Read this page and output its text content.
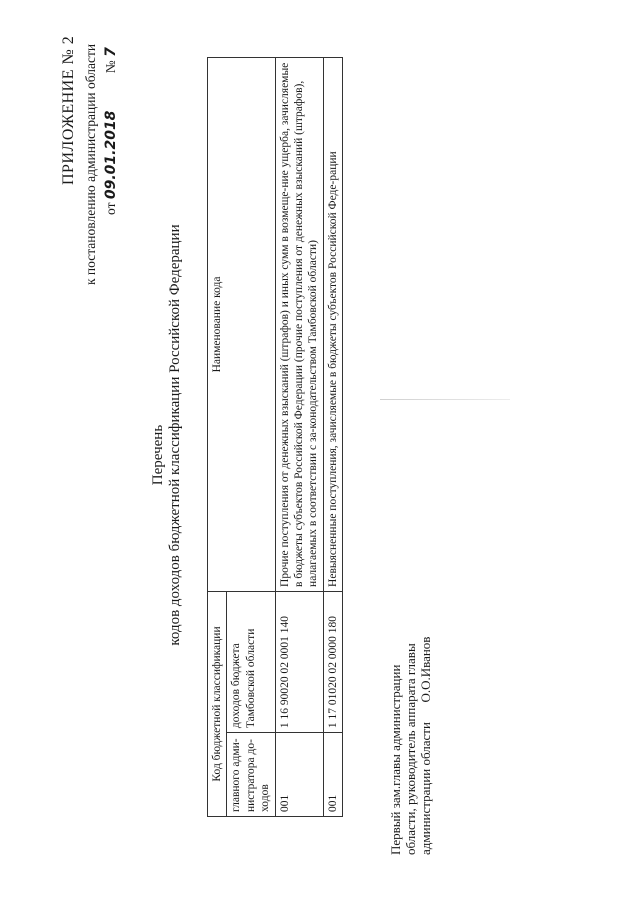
ПРИЛОЖЕНИЕ № 2 к постановлению администрации области от 09.01.2018 № 7
Перечень кодов доходов бюджетной классификации Российской Федерации
Код бюджетной классификации		Наименование кода
главного адми-нистратора до-ходов	доходов бюджета Тамбовской области	
001	1 16 90020 02 0001 140	Прочие поступления от денежных взысканий (штрафов) и иных сумм в возмеще-ние ущерба, зачисляемые в бюджеты субъектов Российской Федерации (прочие поступления от денежных взысканий (штрафов), налагаемых в соответствии с за-конодательством Тамбовской области)
001	1 17 01020 02 0000 180	Невыясненные поступления, зачисляемые в бюджеты субъектов Российской Феде-рации
Первый зам.главы администрации области, руководитель аппарата главы администрации области      О.О.Иванов
